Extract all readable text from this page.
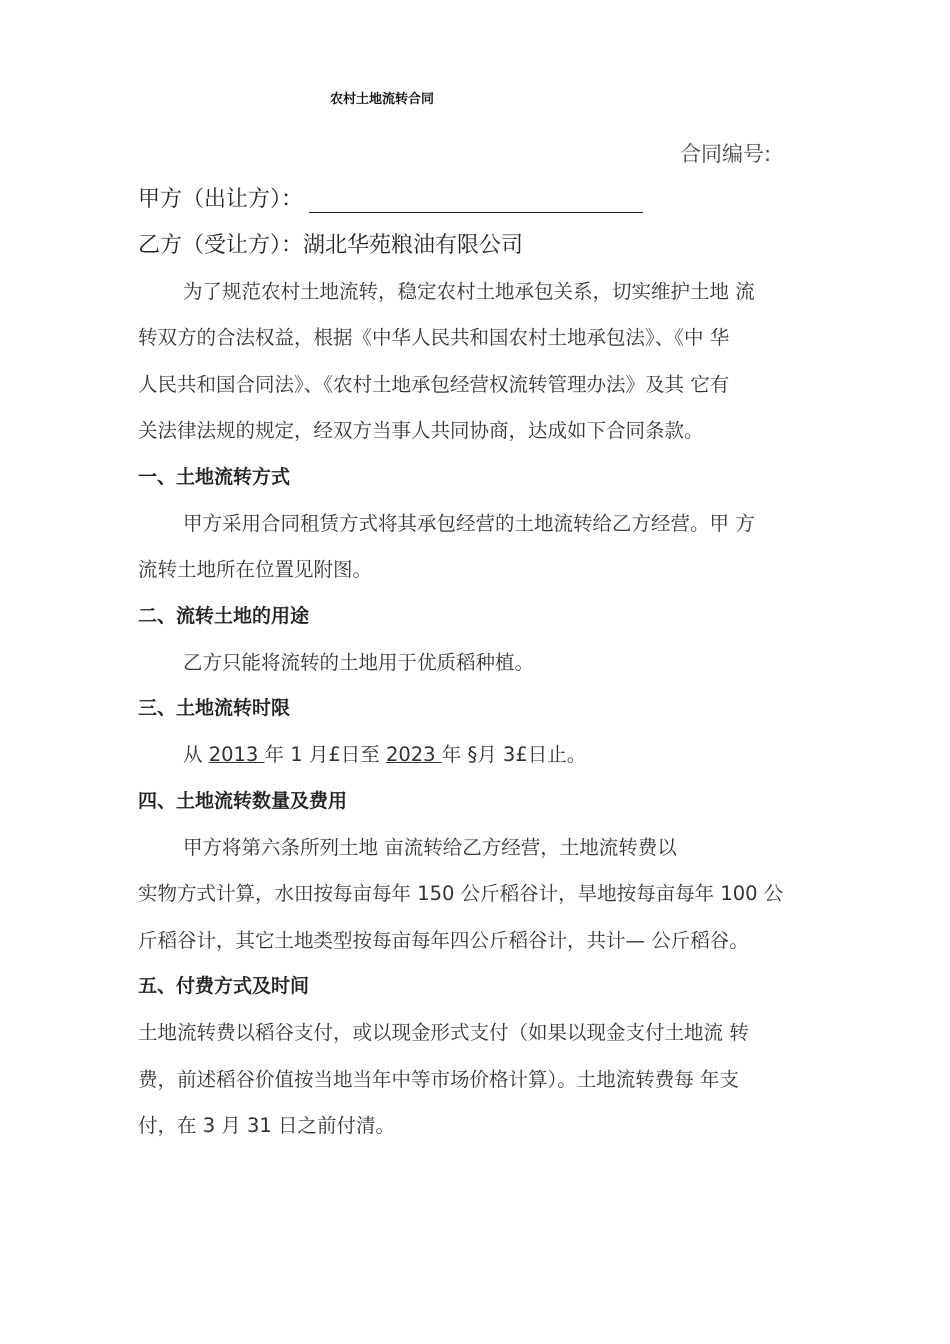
农村土地流转合同
合同编号:
甲方（出让方）：
乙方（受让方）：湖北华苑粮油有限公司
为了规范农村土地流转，稳定农村土地承包关系，切实维护土地 流
转双方的合法权益，根据《中华人民共和国农村土地承包法》、《中 华
人民共和国合同法》、《农村土地承包经营权流转管理办法》及其 它有
关法律法规的规定，经双方当事人共同协商，达成如下合同条款。
一、土地流转方式
甲方采用合同租赁方式将其承包经营的土地流转给乙方经营。甲 方
流转土地所在位置见附图。
二、流转土地的用途
乙方只能将流转的土地用于优质稻种植。
三、土地流转时限
从 2013 年 1 月£日至 2023 年 §月 3£日止。
四、土地流转数量及费用
甲方将第六条所列土地 亩流转给乙方经营，土地流转费以
实物方式计算，水田按每亩每年 150 公斤稻谷计，旱地按每亩每年 100 公
斤稻谷计，其它土地类型按每亩每年四公斤稻谷计，共计— 公斤稻谷。
五、付费方式及时间
土地流转费以稻谷支付，或以现金形式支付（如果以现金支付土地流 转
费，前述稻谷价值按当地当年中等市场价格计算）。土地流转费每 年支
付，在 3 月 31 日之前付清。
